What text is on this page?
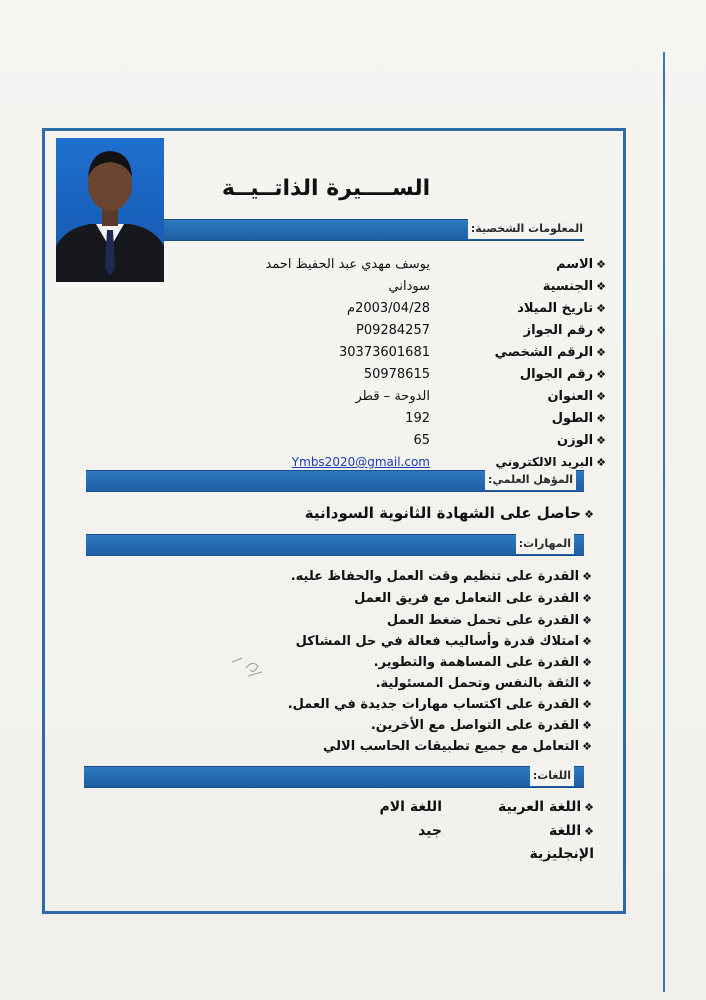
الســــيرة الذاتــيــة
المعلومات الشخصية:
❖الاسم
يوسف مهدي عبد الحفيظ احمد
❖الجنسية
سوداني
❖تاريخ الميلاد
2003/04/28م
❖رقم الجواز
P09284257
❖الرقم الشخصي
30373601681
❖رقم الجوال
50978615
❖العنوان
الدوحة – قطر
❖الطول
192
❖الوزن
65
❖البريد الالكتروني
Ymbs2020@gmail.com
المؤهل العلمي:
❖حاصل على الشهادة الثانوية السودانية
المهارات:
❖القدرة على تنظيم وقت العمل والحفاظ عليه.
❖القدرة على التعامل مع فريق العمل
❖القدرة على تحمل ضغط العمل
❖امتلاك قدرة وأساليب فعالة في حل المشاكل
❖القدرة على المساهمة والتطوير.
❖الثقة بالنفس وتحمل المسئولية.
❖القدرة على اكتساب مهارات جديدة في العمل.
❖القدرة على التواصل مع الأخرين.
❖التعامل مع جميع تطبيقات الحاسب الالي
اللغات:
❖اللغة العربية
اللغة الام
❖اللغة الإنجليزية
جيد
